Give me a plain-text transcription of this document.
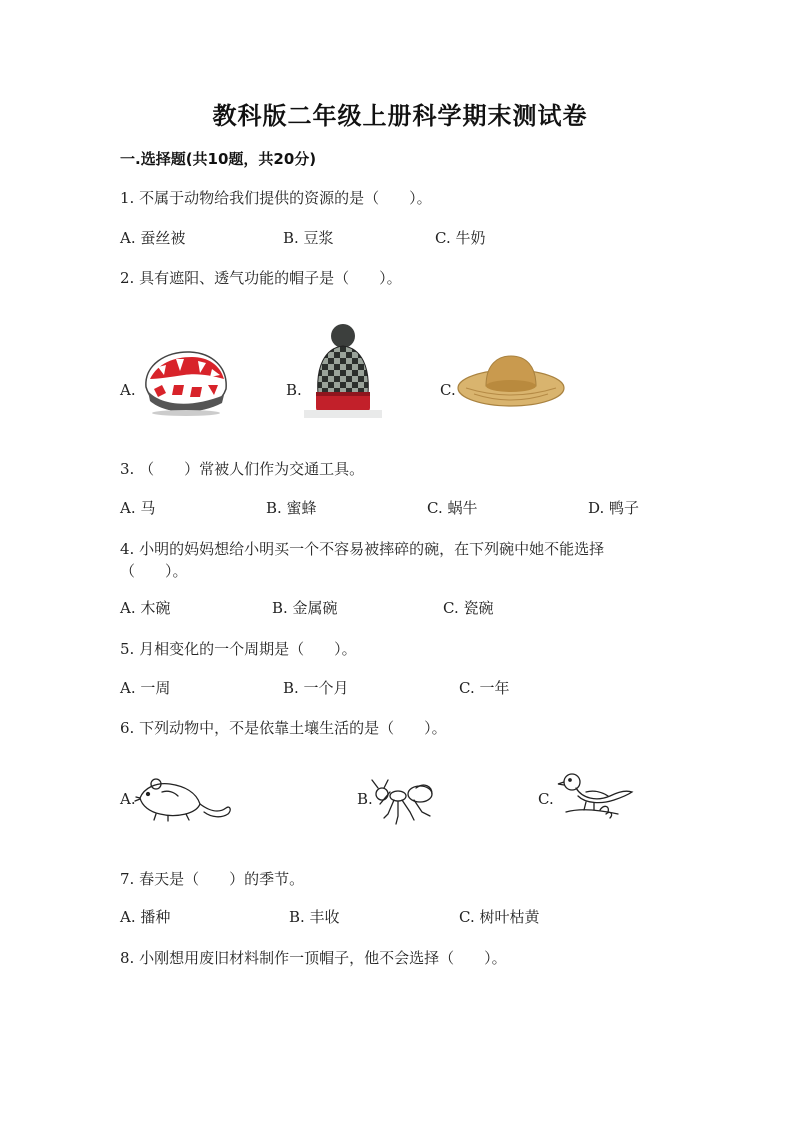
教科版二年级上册科学期末测试卷
一.选择题(共10题，共20分)
1. 不属于动物给我们提供的资源的是（　　）。
A. 蚕丝被	B. 豆浆	C. 牛奶
2. 具有遮阳、透气功能的帽子是（　　）。
A.	B.	C.
3. （　　）常被人们作为交通工具。
A. 马	B. 蜜蜂	C. 蜗牛	D. 鸭子
4. 小明的妈妈想给小明买一个不容易被摔碎的碗，在下列碗中她不能选择
（　　）。
A. 木碗	B. 金属碗	C. 瓷碗
5. 月相变化的一个周期是（　　）。
A. 一周	B. 一个月	C. 一年
6. 下列动物中，不是依靠土壤生活的是（　　）。
A.	B.	C.
7. 春天是（　　）的季节。
A. 播种	B. 丰收	C. 树叶枯黄
8. 小刚想用废旧材料制作一顶帽子，他不会选择（　　）。
